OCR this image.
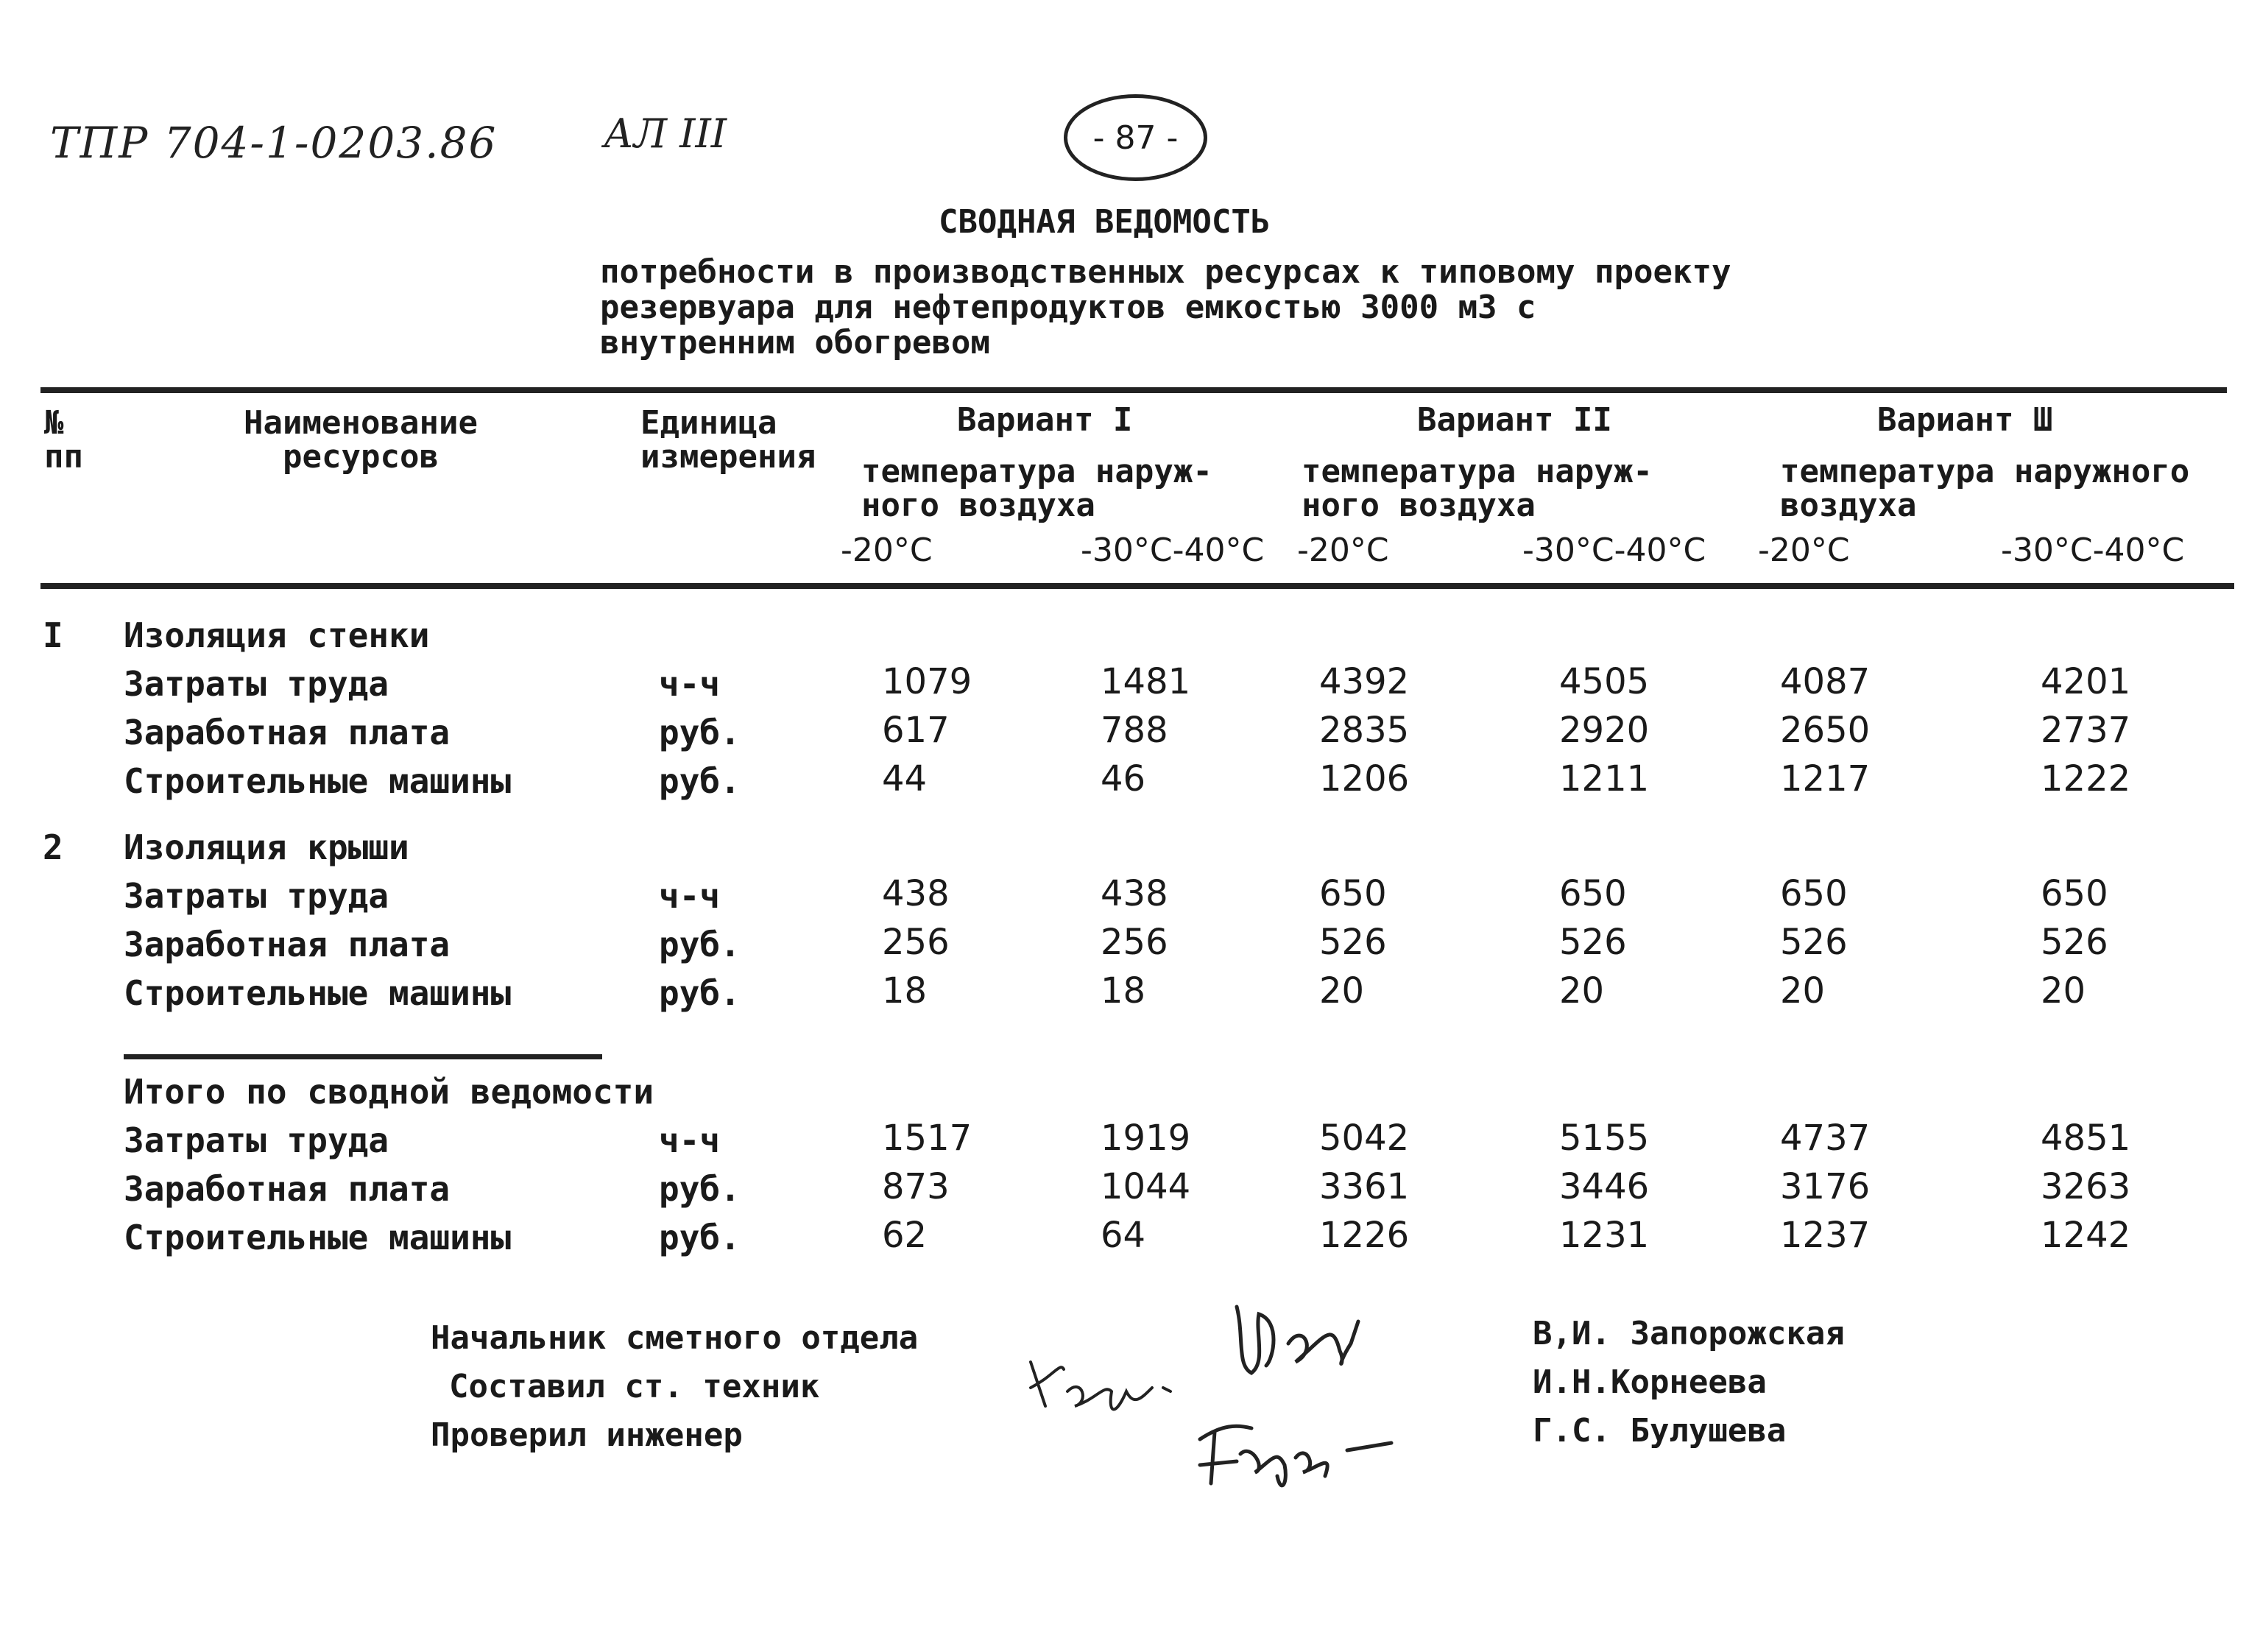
ТПР 704-1-0203.86	АЛ III	- 87 -
СВОДНАЯ ВЕДОМОСТЬ
потребности в производственных ресурсах к типовому проекту
резервуара для нефтепродуктов емкостью 3000 м3 с
внутренним обогревом
№
пп
Наименование
ресурсов
Единица
измерения
Вариант I
температура наруж-
ного воздуха
-20°C	-30°C-40°C
Вариант II
температура наруж-
ного воздуха
-20°C	-30°C-40°C
Вариант Ш
температура наружного
воздуха
-20°C	-30°C-40°C
I Изоляция стенки
Затраты труда	ч-ч	1079	1481	4392	4505	4087	4201
Заработная плата	руб.	617	788	2835	2920	2650	2737
Строительные машины	руб.	44	46	1206	1211	1217	1222
2 Изоляция крыши
Затраты труда	ч-ч	438	438	650	650	650	650
Заработная плата	руб.	256	256	526	526	526	526
Строительные машины	руб.	18	18	20	20	20	20
Итого по сводной ведомости
Затраты труда	ч-ч	1517	1919	5042	5155	4737	4851
Заработная плата	руб.	873	1044	3361	3446	3176	3263
Строительные машины	руб.	62	64	1226	1231	1237	1242
Начальник сметного отдела
Составил ст. техник
Проверил инженер
В,И. Запорожская
И.Н.Корнеева
Г.С. Булушева
